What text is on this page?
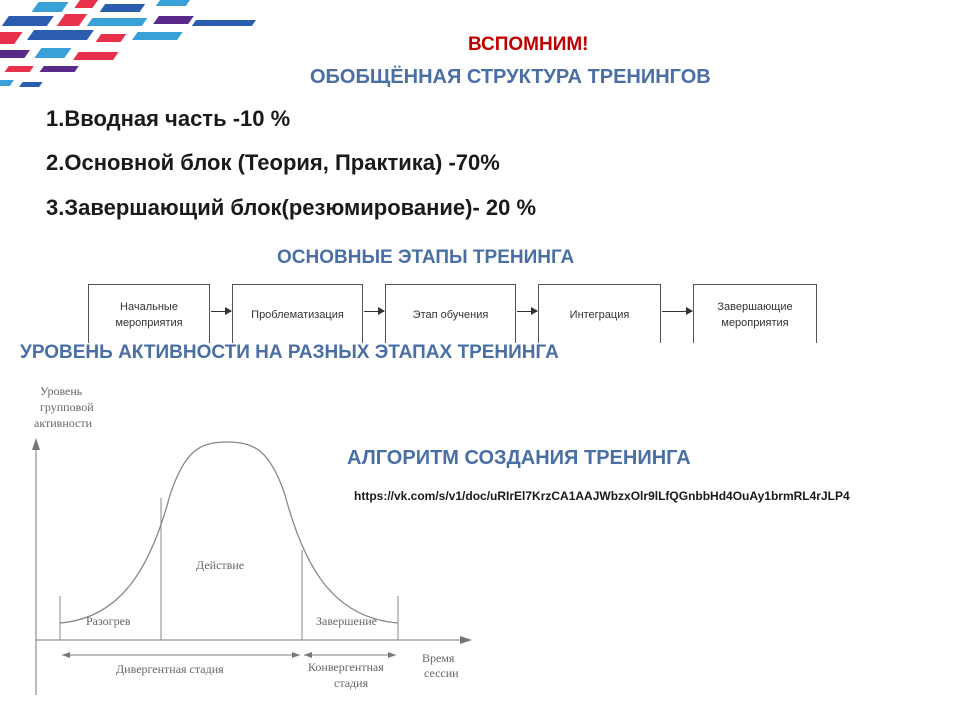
ВСПОМНИМ!
ОБОБЩЁННАЯ СТРУКТУРА ТРЕНИНГОВ
1.Вводная часть -10 %
2.Основной блок (Теория, Практика) -70%
3.Завершающий блок(резюмирование)- 20 %
ОСНОВНЫЕ ЭТАПЫ ТРЕНИНГА
Начальные
мероприятия
Проблематизация	Этап обучения	Интеграция
Завершающие
мероприятия
УРОВЕНЬ АКТИВНОСТИ НА РАЗНЫХ ЭТАПАХ ТРЕНИНГА
Уровень
групповой
активности
Время
сессии
Разогрев
Действие
Завершение
Дивергентная стадия	Конвергентная
стадия
АЛГОРИТМ СОЗДАНИЯ ТРЕНИНГА
https://vk.com/s/v1/doc/uRIrEl7KrzCA1AAJWbzxOlr9lLfQGnbbHd4OuAy1brmRL4rJLP4
